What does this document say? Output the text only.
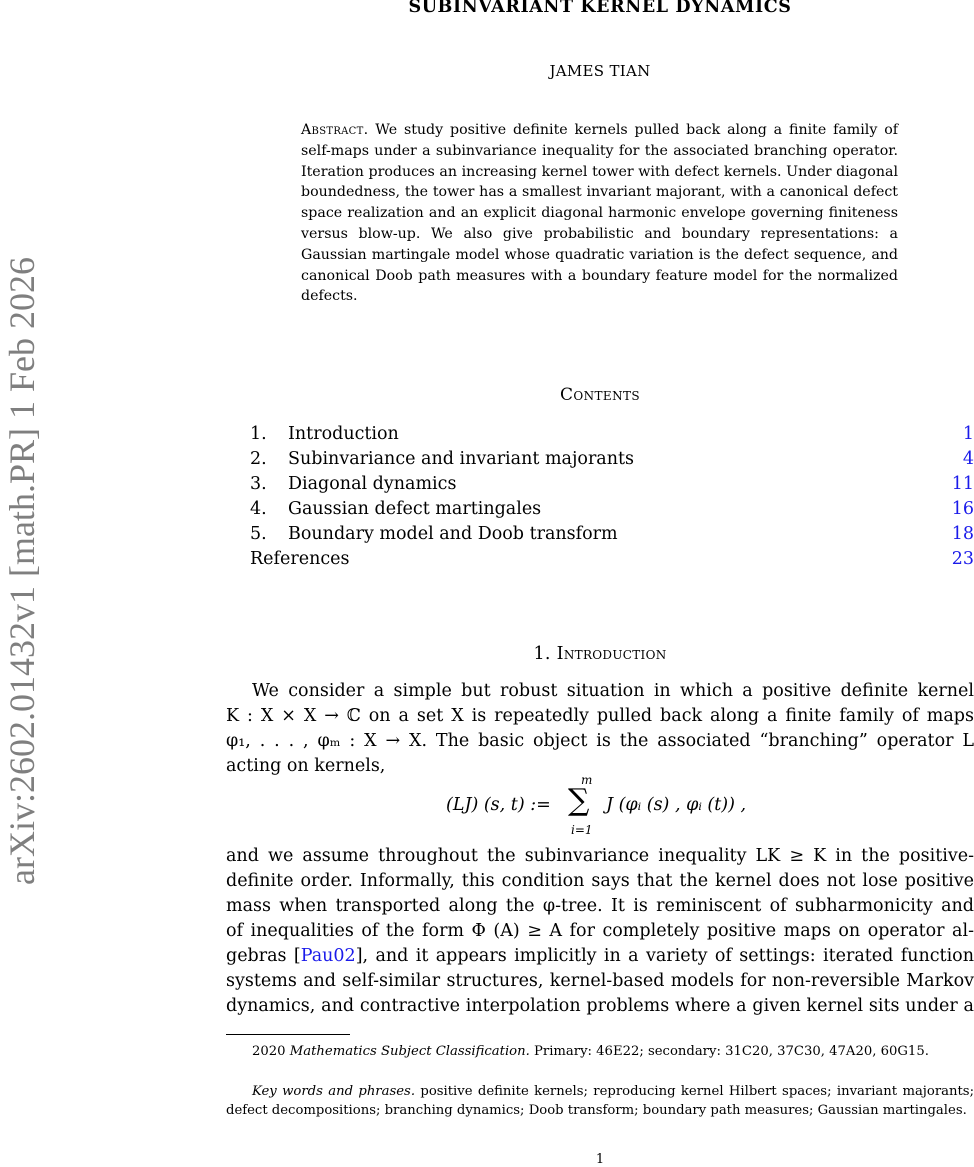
SUBINVARIANT KERNEL DYNAMICS
JAMES TIAN
Abstract. We study positive definite kernels pulled back along a finite family of self-maps under a subinvariance inequality for the associated branching operator. Iteration produces an increasing kernel tower with defect kernels. Under diagonal boundedness, the tower has a smallest invariant majorant, with a canonical defect space realization and an explicit diagonal harmonic envelope governing finiteness versus blow-up. We also give probabilistic and boundary representations: a Gaussian martingale model whose quadratic variation is the defect sequence, and canonical Doob path measures with a boundary feature model for the normalized defects.
arXiv:2602.01432v1 [math.PR] 1 Feb 2026	Contents
1. Introduction	1
2. Subinvariance and invariant majorants	4
3. Diagonal dynamics	11
4. Gaussian defect martingales	16
5. Boundary model and Doob transform	18
References	23
1. Introduction
We consider a simple but robust situation in which a positive definite kernel
K : X × X → ℂ on a set X is repeatedly pulled back along a finite family of maps
φ₁, . . . , φₘ : X → X. The basic object is the associated “branching” operator L
acting on kernels,
(LJ) (s, t) :=
m
∑
i=1
J (φᵢ (s) , φᵢ (t)) ,
and we assume throughout the subinvariance inequality LK ≥ K in the positive-
definite order. Informally, this condition says that the kernel does not lose positive
mass when transported along the φ-tree. It is reminiscent of subharmonicity and
of inequalities of the form Φ (A) ≥ A for completely positive maps on operator al-
gebras [Pau02], and it appears implicitly in a variety of settings: iterated function
systems and self-similar structures, kernel-based models for non-reversible Markov
dynamics, and contractive interpolation problems where a given kernel sits under a
2020 Mathematics Subject Classification. Primary: 46E22; secondary: 31C20, 37C30, 47A20, 60G15.
Key words and phrases. positive definite kernels; reproducing kernel Hilbert spaces; invariant majorants; defect decompositions; branching dynamics; Doob transform; boundary path measures; Gaussian martingales.
1
